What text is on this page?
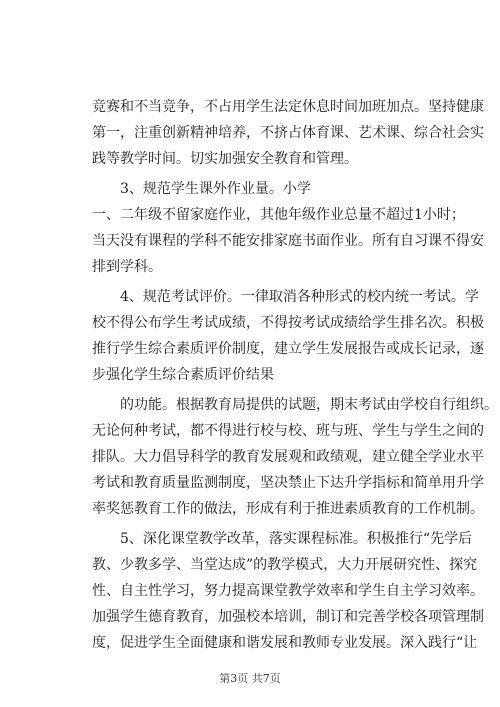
竞赛和不当竞争，不占用学生法定休息时间加班加点。坚持健康
第一，注重创新精神培养，不挤占体育课、艺术课、综合社会实
践等教学时间。切实加强安全教育和管理。
3、规范学生课外作业量。小学
一、二年级不留家庭作业，其他年级作业总量不超过1小时；
当天没有课程的学科不能安排家庭书面作业。所有自习课不得安
排到学科。
4、规范考试评价。一律取消各种形式的校内统一考试。学
校不得公布学生考试成绩，不得按考试成绩给学生排名次。积极
推行学生综合素质评价制度，建立学生发展报告或成长记录，逐
步强化学生综合素质评价结果
的功能。根据教育局提供的试题，期末考试由学校自行组织。
无论何种考试，都不得进行校与校、班与班、学生与学生之间的
排队。大力倡导科学的教育发展观和政绩观，建立健全学业水平
考试和教育质量监测制度，坚决禁止下达升学指标和简单用升学
率奖惩教育工作的做法，形成有利于推进素质教育的工作机制。
5、深化课堂教学改革，落实课程标准。积极推行“先学后
教、少教多学、当堂达成”的教学模式，大力开展研究性、探究
性、自主性学习，努力提高课堂教学效率和学生自主学习效率。
加强学生德育教育，加强校本培训，制订和完善学校各项管理制
度，促进学生全面健康和谐发展和教师专业发展。深入践行“让
第3页 共7页
